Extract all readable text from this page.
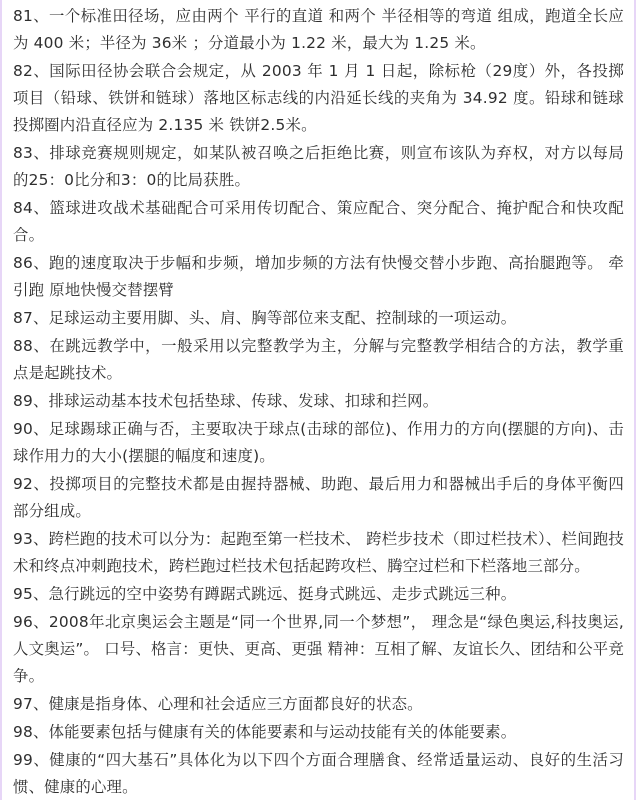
81、一个标准田径场，应由两个 平行的直道 和两个 半径相等的弯道 组成，跑道全长应为 400 米；半径为 36米 ；分道最小为 1.22 米，最大为 1.25 米。

82、国际田径协会联合会规定，从 2003 年 1 月 1 日起，除标枪（29度）外，各投掷项目（铅球、铁饼和链球）落地区标志线的内沿延长线的夹角为 34.92 度。铅球和链球投掷圈内沿直径应为 2.135 米 铁饼2.5米。

83、排球竞赛规则规定，如某队被召唤之后拒绝比赛，则宣布该队为弃权，对方以每局的25：0比分和3：0的比局获胜。

84、篮球进攻战术基础配合可采用传切配合、策应配合、突分配合、掩护配合和快攻配合。

86、跑的速度取决于步幅和步频，增加步频的方法有快慢交替小步跑、高抬腿跑等。 牵引跑 原地快慢交替摆臂

87、足球运动主要用脚、头、肩、胸等部位来支配、控制球的一项运动。

88、在跳远教学中，一般采用以完整教学为主，分解与完整教学相结合的方法，教学重点是起跳技术。

89、排球运动基本技术包括垫球、传球、发球、扣球和拦网。

90、足球踢球正确与否，主要取决于球点(击球的部位)、作用力的方向(摆腿的方向)、击球作用力的大小(摆腿的幅度和速度)。

92、投掷项目的完整技术都是由握持器械、助跑、最后用力和器械出手后的身体平衡四部分组成。

93、跨栏跑的技术可以分为：起跑至第一栏技术、 跨栏步技术（即过栏技术）、栏间跑技术和终点冲刺跑技术，跨栏跑过栏技术包括起跨攻栏、腾空过栏和下栏落地三部分。

95、急行跳远的空中姿势有蹲踞式跳远、挺身式跳远、走步式跳远三种。

96、2008年北京奥运会主题是“同一个世界,同一个梦想”， 理念是“绿色奥运,科技奥运,人文奥运”。 口号、格言：更快、更高、更强 精神：互相了解、友谊长久、团结和公平竞争。

97、健康是指身体、心理和社会适应三方面都良好的状态。

98、体能要素包括与健康有关的体能要素和与运动技能有关的体能要素。

99、健康的“四大基石”具体化为以下四个方面合理膳食、经常适量运动、良好的生活习惯、健康的心理。
